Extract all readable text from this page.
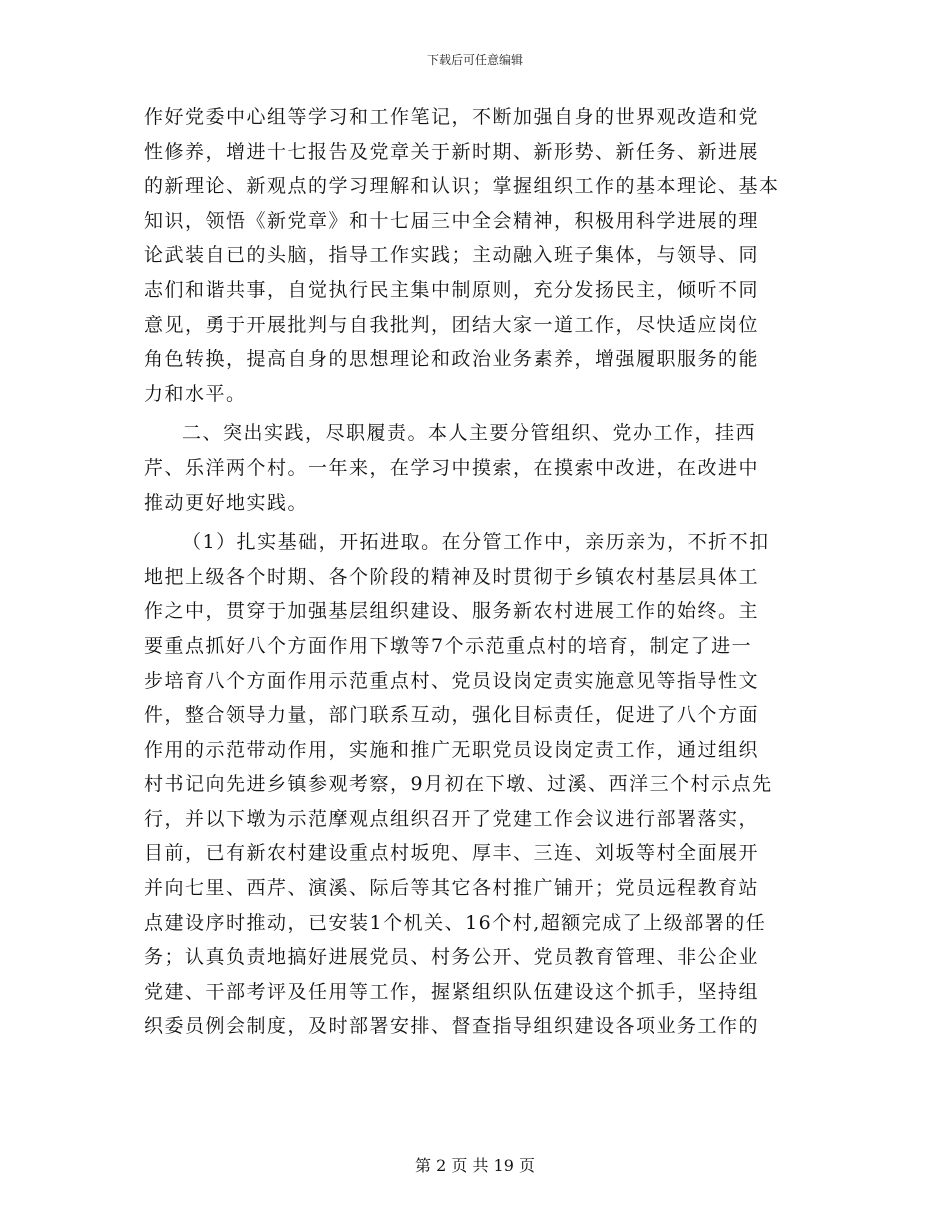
下载后可任意编辑
作好党委中心组等学习和工作笔记，不断加强自身的世界观改造和党
性修养，增进十七报告及党章关于新时期、新形势、新任务、新进展
的新理论、新观点的学习理解和认识；掌握组织工作的基本理论、基本
知识，领悟《新党章》和十七届三中全会精神，积极用科学进展的理
论武装自已的头脑，指导工作实践；主动融入班子集体，与领导、同
志们和谐共事，自觉执行民主集中制原则，充分发扬民主，倾听不同
意见，勇于开展批判与自我批判，团结大家一道工作，尽快适应岗位
角色转换，提高自身的思想理论和政治业务素养，增强履职服务的能
力和水平。
二、突出实践，尽职履责。本人主要分管组织、党办工作，挂西
芹、乐洋两个村。一年来，在学习中摸索，在摸索中改进，在改进中
推动更好地实践。
（1）扎实基础，开拓进取。在分管工作中，亲历亲为，不折不扣
地把上级各个时期、各个阶段的精神及时贯彻于乡镇农村基层具体工
作之中，贯穿于加强基层组织建设、服务新农村进展工作的始终。主
要重点抓好八个方面作用下墩等7个示范重点村的培育，制定了进一
步培育八个方面作用示范重点村、党员设岗定责实施意见等指导性文
件，整合领导力量，部门联系互动，强化目标责任，促进了八个方面
作用的示范带动作用，实施和推广无职党员设岗定责工作，通过组织
村书记向先进乡镇参观考察，9月初在下墩、过溪、西洋三个村示点先
行，并以下墩为示范摩观点组织召开了党建工作会议进行部署落实，
目前，已有新农村建设重点村坂兜、厚丰、三连、刘坂等村全面展开
并向七里、西芹、演溪、际后等其它各村推广铺开；党员远程教育站
点建设序时推动，已安装1个机关、16个村,超额完成了上级部署的任
务；认真负责地搞好进展党员、村务公开、党员教育管理、非公企业
党建、干部考评及任用等工作，握紧组织队伍建设这个抓手，坚持组
织委员例会制度，及时部署安排、督查指导组织建设各项业务工作的
第 2 页 共 19 页
